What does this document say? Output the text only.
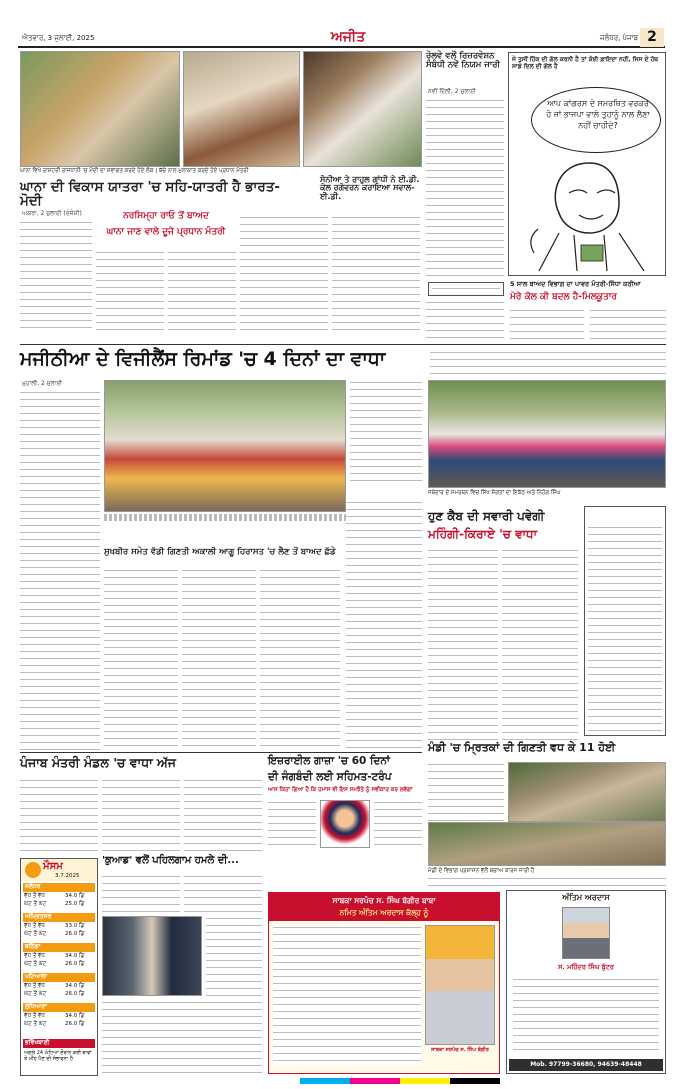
ਐਤਵਾਰ, 3 ਜੁਲਾਈ, 2025	ਅਜੀਤ	ਜਲੰਧਰ, ਪੰਜਾਬ 2
ਘਾਨਾ ਵਿਖੇ ਰਾਸ਼ਟਰੀ ਰਾਜਧਾਨੀ 'ਚ ਮੋਦੀ ਦਾ ਸਵਾਗਤ ਕਰਦੇ ਹੋਏ ਲੋਕ | ਬੱਚੇ ਨਾਲ ਮੁਲਾਕਾਤ ਕਰਦੇ ਹੋਏ ਪ੍ਰਧਾਨ ਮੰਤਰੀ
ਘਾਨਾ ਦੀ ਵਿਕਾਸ ਯਾਤਰਾ 'ਚ ਸਹਿ-ਯਾਤਰੀ ਹੈ ਭਾਰਤ-ਮੋਦੀ
ਅਕਰਾ, 2 ਜੁਲਾਈ (ਏਜੰਸੀ)	ਨਰਸਿਮ੍ਹਾ ਰਾਓ ਤੋਂ ਬਾਅਦ
ਘਾਨਾ ਜਾਣ ਵਾਲੇ ਦੂਜੇ ਪ੍ਰਧਾਨ ਮੰਤਰੀ
ਸੋਨੀਆ ਤੇ ਰਾਹੁਲ ਗਾਂਧੀ ਨੇ ਈ.ਡੀ. ਕੋਲ ਰਗੋਵਰਨ ਕਰਾਇਆ ਸਵਾਲ- ਈ.ਡੀ.
ਰੇਲਵੇ ਵਲੋਂ ਰਿਜ਼ਰਵੇਸ਼ਨ ਸੰਬੰਧੀ ਨਵੇਂ ਨਿਯਮ ਜਾਰੀ
ਨਵੀਂ ਦਿੱਲੀ, 2 ਜੁਲਾਈ
ਜੇ ਤੁਸੀਂ ਹਿੱਕ ਦੀ ਗੱਲ ਕਰਨੀ ਹੈ ਤਾਂ ਕੋਈ ਫ਼ਾਇਦਾ ਨਹੀਂ, ਜਿਸ ਦੇ ਹੱਥ ਸਾਡੇ ਦਿਲ ਦੀ ਗੱਲ ਹੈ
ਆਪ ਕਾਂਗਰਸ ਦੇ ਸਮਰਥਿਤ ਵਰਕਰ ਹੋ ਜਾਂ ਭਾਜਪਾ ਵਾਲੇ ਤੁਹਾਨੂੰ ਨਾਲ ਲੈਣਾ ਨਹੀਂ ਚਾਹੀਦੇ?
5 ਸਾਲ ਬਾਅਦ ਵਿਭਾਗ ਦਾ ਪਾਵਰ ਮੰਤਰੀ-ਸਿੱਧਾ ਕਰੀਆ
ਮੇਰੇ ਕੋਲ ਕੀ ਬਦਲ ਹੈ-ਮਿਲਕੂਤਾਰ
ਮਜੀਠੀਆ ਦੇ ਵਿਜੀਲੈਂਸ ਰਿਮਾਂਡ 'ਚ 4 ਦਿਨਾਂ ਦਾ ਵਾਧਾ
ਮੁਹਾਲੀ, 2 ਜੁਲਾਈ
ਜਥੇਦਾਰ ਦੇ ਸਮਰਥਨ ਵਿਚ ਸਿੱਖ ਸੰਗਤਾਂ ਦਾ ਇਕੱਠ ਅਤੇ ਨਿਹੰਗ ਸਿੰਘ
ਸੁਖਬੀਰ ਸਮੇਤ ਵੱਡੀ ਗਿਣਤੀ ਅਕਾਲੀ ਆਗੂ ਹਿਰਾਸਤ 'ਚ ਲੈਣ ਤੋਂ ਬਾਅਦ ਛੱਡੇ
ਹੁਣ ਕੈਬ ਦੀ ਸਵਾਰੀ ਪਵੇਗੀ
ਮਹਿੰਗੀ-ਕਿਰਾਏ 'ਚ ਵਾਧਾ
ਮੰਡੀ 'ਚ ਮ੍ਰਿਤਕਾਂ ਦੀ ਗਿਣਤੀ ਵਧ ਕੇ 11 ਹੋਈ
ਮੰਡੀ ਦੇ ਵਿਭਾਗ ਪ੍ਰਸ਼ਾਸਨ ਵੱਲੋਂ ਬਚਾਅ ਕਾਰਜ ਜਾਰੀ ਹੈ
ਪੰਜਾਬ ਮੰਤਰੀ ਮੰਡਲ 'ਚ ਵਾਧਾ ਅੱਜ	ਇਜ਼ਰਾਈਲ ਗਾਜ਼ਾ 'ਚ 60 ਦਿਨਾਂ
ਦੀ ਜੰਗਬੰਦੀ ਲਈ ਸਹਿਮਤ-ਟਰੰਪ
ਆਸ ਕਿਹਾ ਗਿਆ ਹੈ ਕਿ ਹਮਾਸ ਵੀ ਇਸ ਸਮਝੌਤੇ ਨੂੰ ਸਵੀਕਾਰ ਕਰ ਲਵੇਗਾ
ਮੌਸਮ
3.7.2025
ਜਲੰਧਰ
ਵੱਧ ਤੋਂ ਵੱਧ	34.0 ਡਿ
ਘੱਟ ਤੋਂ ਘੱਟ	25.0 ਡਿ
ਅੰਮ੍ਰਿਤਸਰ
ਵੱਧ ਤੋਂ ਵੱਧ	33.0 ਡਿ
ਘੱਟ ਤੋਂ ਘੱਟ	26.0 ਡਿ
ਬਠਿੰਡਾ
ਵੱਧ ਤੋਂ ਵੱਧ	34.0 ਡਿ
ਘੱਟ ਤੋਂ ਘੱਟ	26.0 ਡਿ
ਪਟਿਆਲਾ
ਵੱਧ ਤੋਂ ਵੱਧ	34.0 ਡਿ
ਘੱਟ ਤੋਂ ਘੱਟ	26.0 ਡਿ
ਲੁਧਿਆਣਾ
ਵੱਧ ਤੋਂ ਵੱਧ	34.0 ਡਿ
ਘੱਟ ਤੋਂ ਘੱਟ	26.0 ਡਿ
ਭਵਿੱਖਬਾਣੀ
ਅਗਲੇ 24 ਘੰਟਿਆਂ ਦੌਰਾਨ ਕਈ ਥਾਵਾਂ ਤੇ ਮੀਂਹ ਪੈਣ ਦੀ ਸੰਭਾਵਨਾ ਹੈ
'ਕੁਆਡ' ਵਲੋਂ ਪਹਿਲਗਾਮ ਹਮਲੇ ਦੀ...
ਸਾਬਕਾ ਸਰਪੰਚ ਸ. ਸਿੰਘ ਬੱਗੀਰ ਬਾਬਾ
ਨਮਿਤ ਅੰਤਿਮ ਅਰਦਾਸ ਕੱਲ੍ਹ ਨੂੰ
ਸਾਬਕਾ ਸਰਪੰਚ ਸ. ਸਿੰਘ ਬੱਗੀਰ
ਅੰਤਿਮ ਅਰਦਾਸ
ਸ. ਮਹਿੰਦਰ ਸਿੰਘ ਬੁੱਟਰ
Mob. 97799-36680, 94639-48448
